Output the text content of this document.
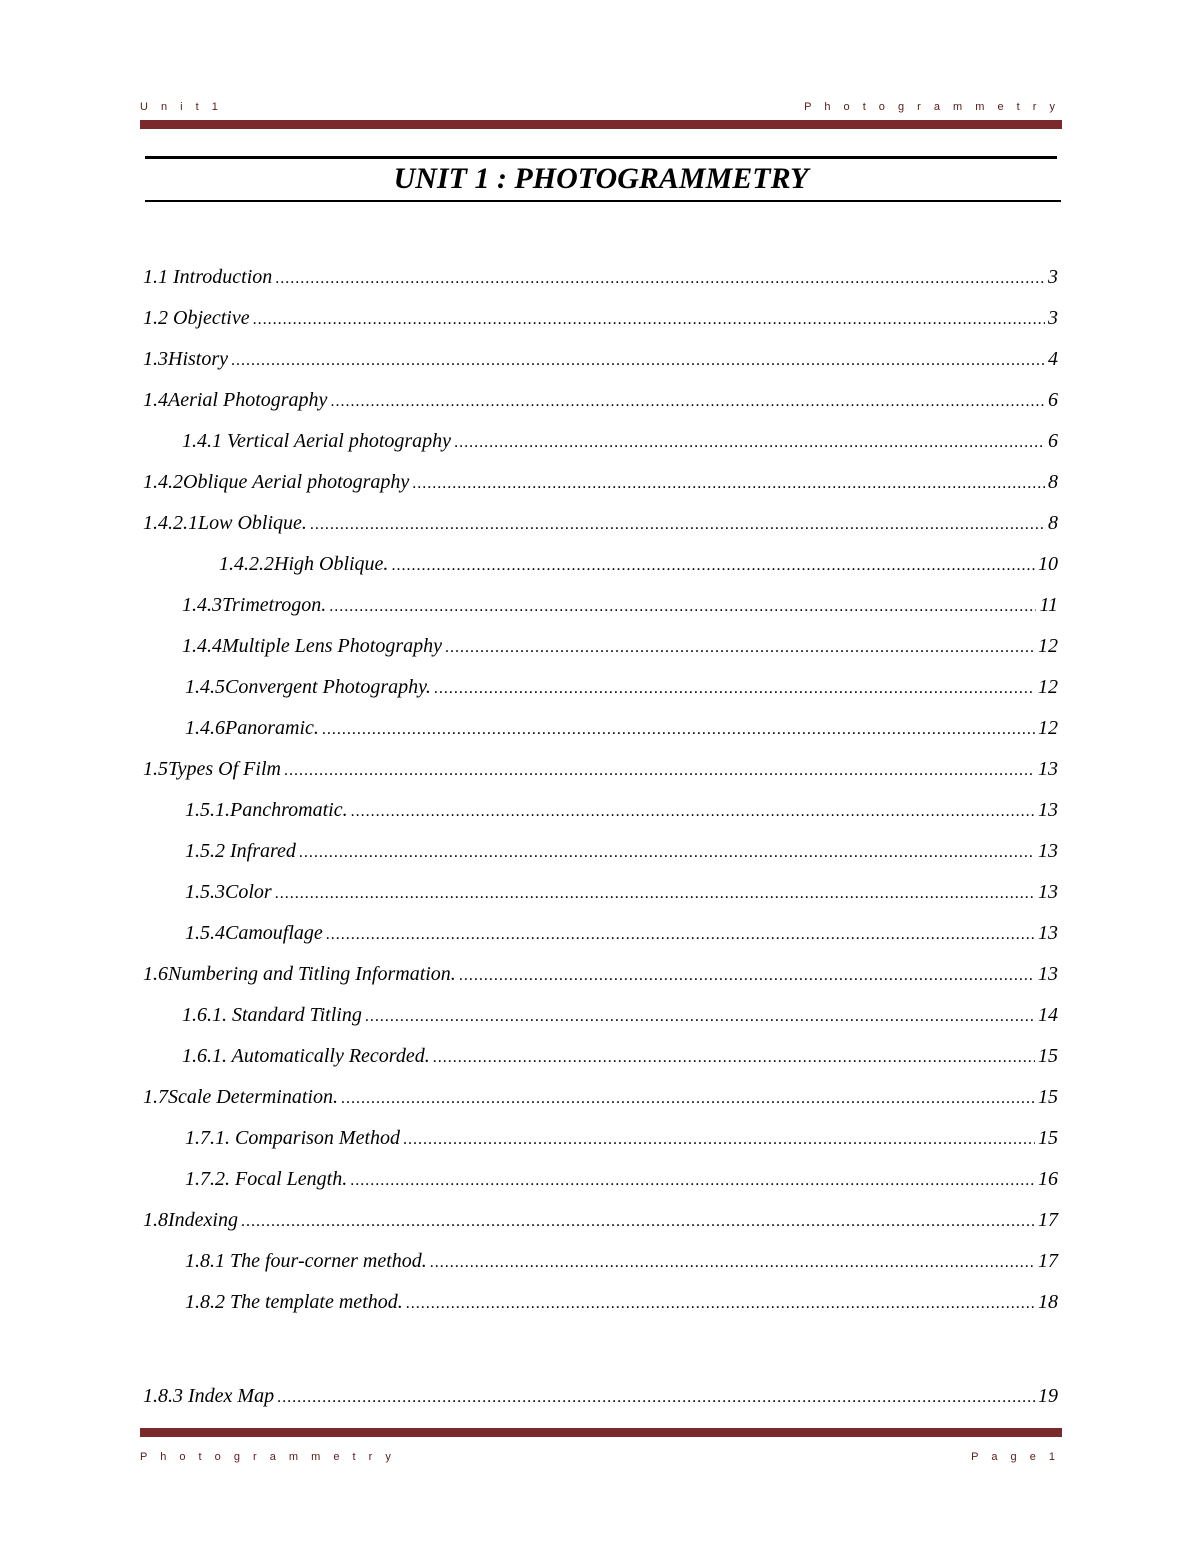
U n i t 1	P h o t o g r a m m e t r y
UNIT 1 : PHOTOGRAMMETRY
1.1 Introduction .....	3
1.2 Objective .....	3
1.3History .....	4
1.4Aerial Photography .....	6
1.4.1 Vertical Aerial photography .....	6
1.4.2Oblique Aerial photography .....	8
1.4.2.1Low Oblique. .....	8
1.4.2.2High Oblique. .....	10
1.4.3Trimetrogon. .....	11
1.4.4Multiple Lens Photography .....	12
1.4.5Convergent Photography. .....	12
1.4.6Panoramic. .....	12
1.5Types Of Film .....	13
1.5.1.Panchromatic. .....	13
1.5.2 Infrared .....	13
1.5.3Color .....	13
1.5.4Camouflage .....	13
1.6Numbering and Titling Information. .....	13
1.6.1. Standard Titling .....	14
1.6.1. Automatically Recorded. .....	15
1.7Scale Determination. .....	15
1.7.1. Comparison Method .....	15
1.7.2. Focal Length. .....	16
1.8Indexing .....	17
1.8.1 The four-corner method. .....	17
1.8.2 The template method. .....	18
1.8.3 Index Map .....	19
P h o t o g r a m m e t r y	P a g e 1
